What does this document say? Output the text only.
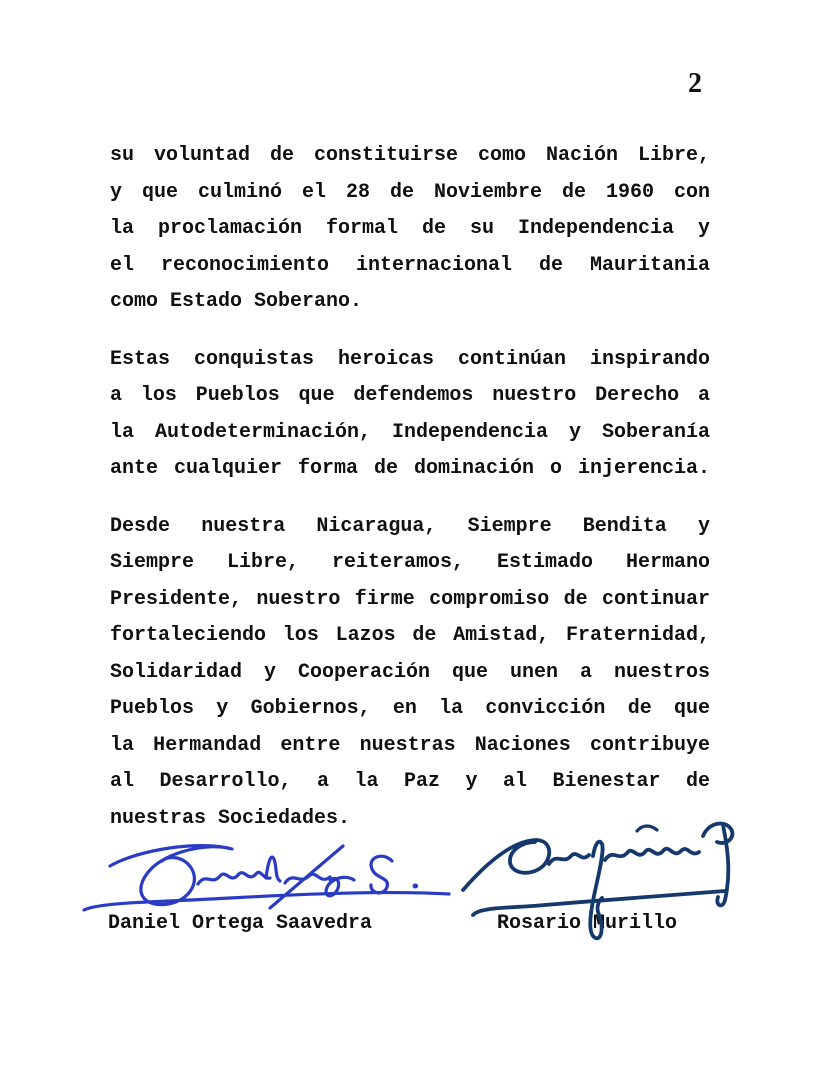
2

su voluntad de constituirse como Nación Libre,
y que culminó el 28 de Noviembre de 1960 con
la proclamación formal de su Independencia y
el reconocimiento internacional de Mauritania
como Estado Soberano.

Estas conquistas heroicas continúan inspirando
a los Pueblos que defendemos nuestro Derecho a
la Autodeterminación, Independencia y Soberanía
ante cualquier forma de dominación o injerencia.

Desde nuestra Nicaragua, Siempre Bendita y
Siempre Libre, reiteramos, Estimado Hermano
Presidente, nuestro firme compromiso de continuar
fortaleciendo los Lazos de Amistad, Fraternidad,
Solidaridad y Cooperación que unen a nuestros
Pueblos y Gobiernos, en la convicción de que
la Hermandad entre nuestras Naciones contribuye
al Desarrollo, a la Paz y al Bienestar de
nuestras Sociedades.

Daniel Ortega Saavedra	Rosario Murillo
